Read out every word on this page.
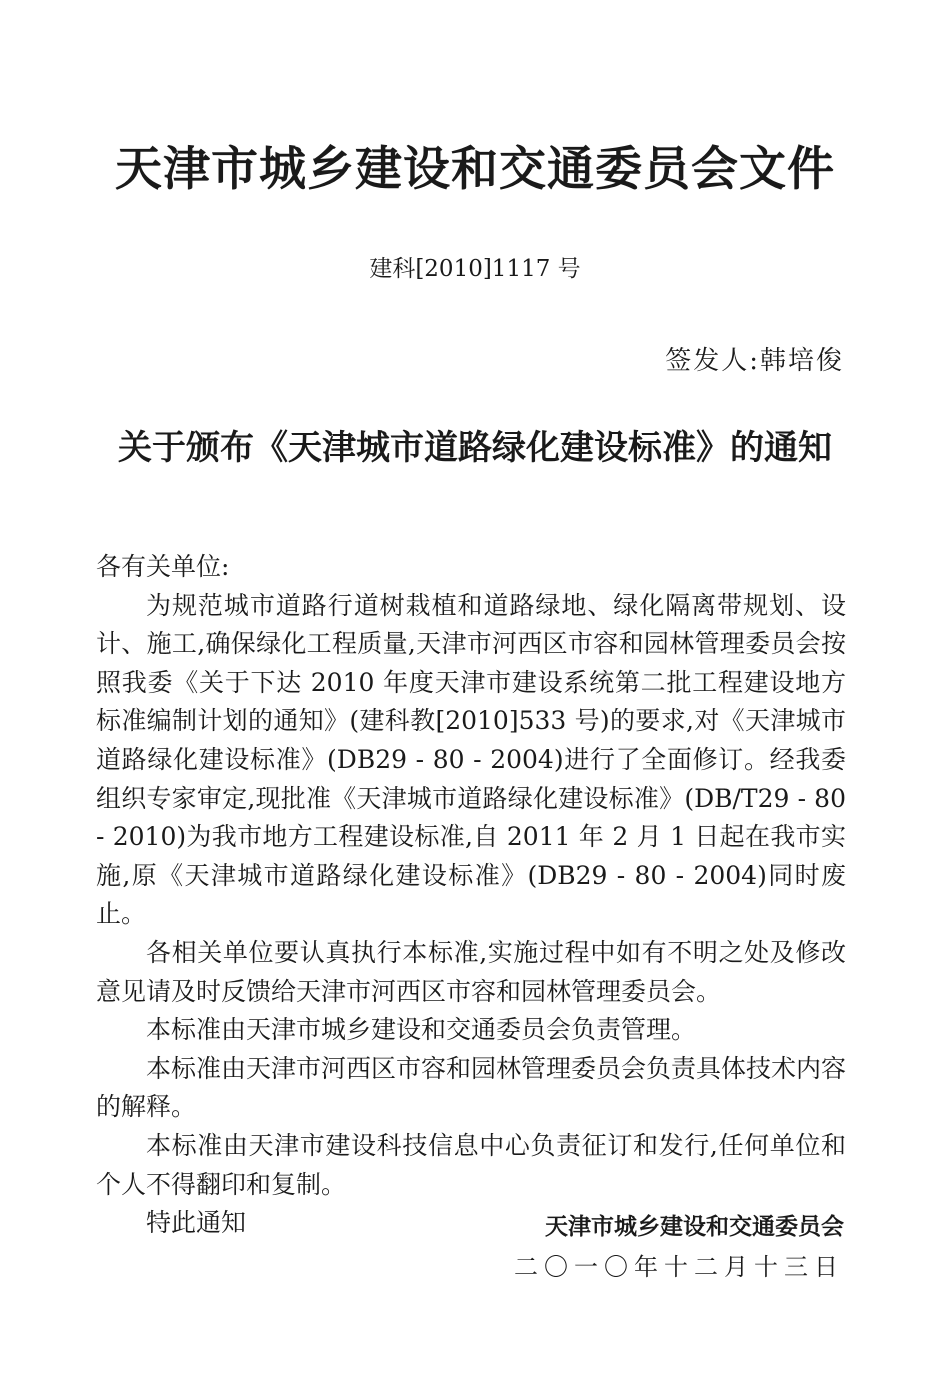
天津市城乡建设和交通委员会文件
建科[2010]1117 号
签发人:韩培俊
关于颁布《天津城市道路绿化建设标准》的通知

各有关单位:

为规范城市道路行道树栽植和道路绿地、绿化隔离带规划、设计、施工,确保绿化工程质量,天津市河西区市容和园林管理委员会按照我委《关于下达 2010 年度天津市建设系统第二批工程建设地方标准编制计划的通知》(建科教[2010]533 号)的要求,对《天津城市道路绿化建设标准》(DB29 - 80 - 2004)进行了全面修订。经我委组织专家审定,现批准《天津城市道路绿化建设标准》(DB/T29 - 80 - 2010)为我市地方工程建设标准,自 2011 年 2 月 1 日起在我市实施,原《天津城市道路绿化建设标准》(DB29 - 80 - 2004)同时废止。

各相关单位要认真执行本标准,实施过程中如有不明之处及修改意见请及时反馈给天津市河西区市容和园林管理委员会。

本标准由天津市城乡建设和交通委员会负责管理。

本标准由天津市河西区市容和园林管理委员会负责具体技术内容的解释。

本标准由天津市建设科技信息中心负责征订和发行,任何单位和个人不得翻印和复制。

特此通知	天津市城乡建设和交通委员会
二〇一〇年十二月十三日
